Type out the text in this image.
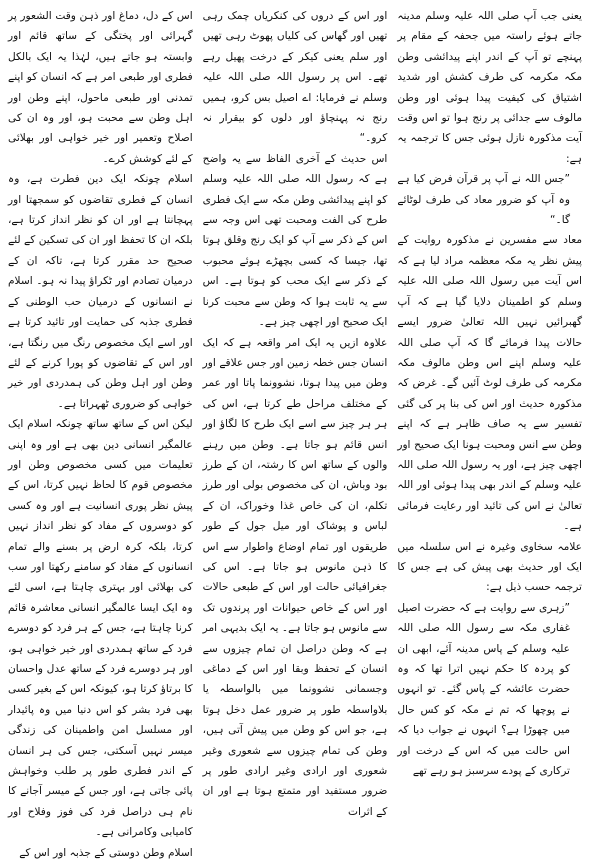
یعنی جب آپ صلی اللہ علیہ وسلم مدینہ جاتے ہوئے راستہ میں جحفہ کے مقام پر پہنچے تو آپ کے اندر اپنے پیدائشی وطن مکہ مکرمہ کی طرف کشش اور شدید اشتیاق کی کیفیت پیدا ہوئی اور وطن مالوف سے جدائی پر رنج ہوا تو اس وقت آیت مذکورہ نازل ہوئی جس کا ترجمہ یہ ہے:

”جس اللہ نے آپ پر قرآن فرض کیا ہے وہ آپ کو ضرور معاد کی طرف لوٹائے گا۔“

معاد سے مفسرین نے مذکورہ روایت کے پیش نظر یہ مکہ معظمہ مراد لیا ہے کہ اس آیت میں رسول اللہ صلی اللہ علیہ وسلم کو اطمینان دلایا گیا ہے کہ آپ گھبرائیں نہیں اللہ تعالیٰ ضرور ایسے حالات پیدا فرمائے گا کہ آپ صلی اللہ علیہ وسلم اپنے اس وطن مالوف مکہ مکرمہ کی طرف لوٹ آئیں گے۔ غرض کہ مذکورہ حدیث اور اس کی بنا پر کی گئی تفسیر سے یہ صاف ظاہر ہے کہ اپنے وطن سے انس ومحبت ہونا ایک صحیح اور اچھی چیز ہے، اور یہ رسول اللہ صلی اللہ علیہ وسلم کے اندر بھی پیدا ہوئی اور اللہ تعالیٰ نے اس کی تائید اور رعایت فرمائی ہے۔

علامہ سخاوی وغیرہ نے اس سلسلہ میں ایک اور حدیث بھی پیش کی ہے جس کا ترجمہ حسب ذیل ہے:

”زہری سے روایت ہے کہ حضرت اصیل غفاری مکہ سے رسول اللہ صلی اللہ علیہ وسلم کے پاس مدینہ آئے، ابھی ان کو پردہ کا حکم نہیں اترا تھا کہ وہ حضرت عائشہ کے پاس گئے۔ تو انہوں نے پوچھا کہ تم نے مکہ کو کس حال میں چھوڑا ہے؟ انہوں نے جواب دیا کہ اس حالت میں کہ اس کے درخت اور ترکاری کے پودے سرسبز ہو رہے تھے

اور اس کے دروں کی کنکریاں چمک رہی تھیں اور گھاس کی کلیاں پھوٹ رہی تھیں اور سلم یعنی کیکر کے درخت پھیل رہے تھے۔ اس پر رسول اللہ صلی اللہ علیہ وسلم نے فرمایا: اے اصیل بس کرو، ہمیں رنج نہ پہنچاؤ اور دلوں کو بیقرار نہ کرو۔“

اس حدیث کے آخری الفاظ سے یہ واضح ہے کہ رسول اللہ صلی اللہ علیہ وسلم کو اپنے پیدائشی وطن مکہ سے ایک فطری طرح کی الفت ومحبت تھی اس وجہ سے اس کے ذکر سے آپ کو ایک رنج وقلق ہوتا تھا، جیسا کہ کسی بچھڑے ہوئے محبوب کے ذکر سے ایک محب کو ہوتا ہے۔ اس سے یہ ثابت ہوا کہ وطن سے محبت کرنا ایک صحیح اور اچھی چیز ہے۔

علاوہ ازیں یہ ایک امر واقعہ ہے کہ ایک انسان جس خطہ زمین اور جس علاقے اور وطن میں پیدا ہوتا، نشوونما پاتا اور عمر کے مختلف مراحل طے کرتا ہے، اس کی ہر ہر چیز سے اسے ایک طرح کا لگاؤ اور انس قائم ہو جاتا ہے۔ وطن میں رہنے والوں کے ساتھ اس کا رشتہ، ان کے طرز بود وباش، ان کی مخصوص بولی اور طرز تکلم، ان کی خاص غذا وخوراک، ان کے لباس و پوشاک اور میل جول کے طور طریقوں اور تمام اوضاع واطوار سے اس کا ذہن مانوس ہو جاتا ہے۔ اس کی جغرافیائی حالت اور اس کے طبعی حالات اور اس کے خاص حیوانات اور پرندوں تک سے مانوس ہو جاتا ہے۔ یہ ایک بدیہی امر ہے کہ وطن دراصل ان تمام چیزوں سے انسان کے تحفظ وبقا اور اس کے دماغی وجسمانی نشوونما میں بالواسطہ یا بلاواسطہ طور پر ضرور عمل دخل ہوتا ہے، جو اس کو وطن میں پیش آتی ہیں، وطن کی تمام چیزوں سے شعوری وغیر شعوری اور ارادی وغیر ارادی طور پر ضرور مستفید اور متمتع ہوتا ہے اور ان کے اثرات

اس کے دل، دماغ اور ذہن وقت الشعور پر گہرائی اور پختگی کے ساتھ قائم اور وابستہ ہو جاتے ہیں، لہٰذا یہ ایک بالکل فطری اور طبعی امر ہے کہ انسان کو اپنے تمدنی اور طبعی ماحول، اپنے وطن اور اہل وطن سے محبت ہو، اور وہ ان کی اصلاح وتعمیر اور خیر خواہی اور بھلائی کے لئے کوشش کرے۔

اسلام چونکہ ایک دین فطرت ہے، وہ انسان کے فطری تقاضوں کو سمجھتا اور پہچانتا ہے اور ان کو نظر انداز کرتا ہے، بلکہ ان کا تحفظ اور ان کی تسکین کے لئے صحیح حد مقرر کرتا ہے، تاکہ ان کے درمیان تصادم اور ٹکراؤ پیدا نہ ہو۔ اسلام نے انسانوں کے درمیان حب الوطنی کے فطری جذبہ کی حمایت اور تائید کرتا ہے اور اسے ایک مخصوص رنگ میں رنگتا ہے، اور اس کے تقاضوں کو پورا کرنے کے لئے وطن اور اہل وطن کی ہمدردی اور خیر خواہی کو ضروری ٹھہراتا ہے۔

لیکن اس کے ساتھ ساتھ چونکہ اسلام ایک عالمگیر انسانی دین بھی ہے اور وہ اپنی تعلیمات میں کسی مخصوص وطن اور مخصوص قوم کا لحاظ نہیں کرتا، اس کے پیش نظر پوری انسانیت ہے اور وہ کسی کو دوسروں کے مفاد کو نظر انداز نہیں کرتا، بلکہ کرہ ارض پر بسنے والے تمام انسانوں کے مفاد کو سامنے رکھتا اور سب کی بھلائی اور بہتری چاہتا ہے، اسی لئے وہ ایک ایسا عالمگیر انسانی معاشرہ قائم کرنا چاہتا ہے، جس کے ہر فرد کو دوسرے فرد کے ساتھ ہمدردی اور خیر خواہی ہو، اور ہر دوسرے فرد کے ساتھ عدل واحسان کا برتاؤ کرتا ہو، کیونکہ اس کے بغیر کسی بھی فرد بشر کو اس دنیا میں وہ پائیدار اور مسلسل امن واطمینان کی زندگی میسر نہیں آسکتی، جس کی ہر انسان کے اندر فطری طور پر طلب وخواہش پائی جاتی ہے، اور جس کے میسر آجانے کا نام ہی دراصل فرد کی فوز وفلاح اور کامیابی وکامرانی ہے۔

اسلام وطن دوستی کے جذبہ اور اس کے
